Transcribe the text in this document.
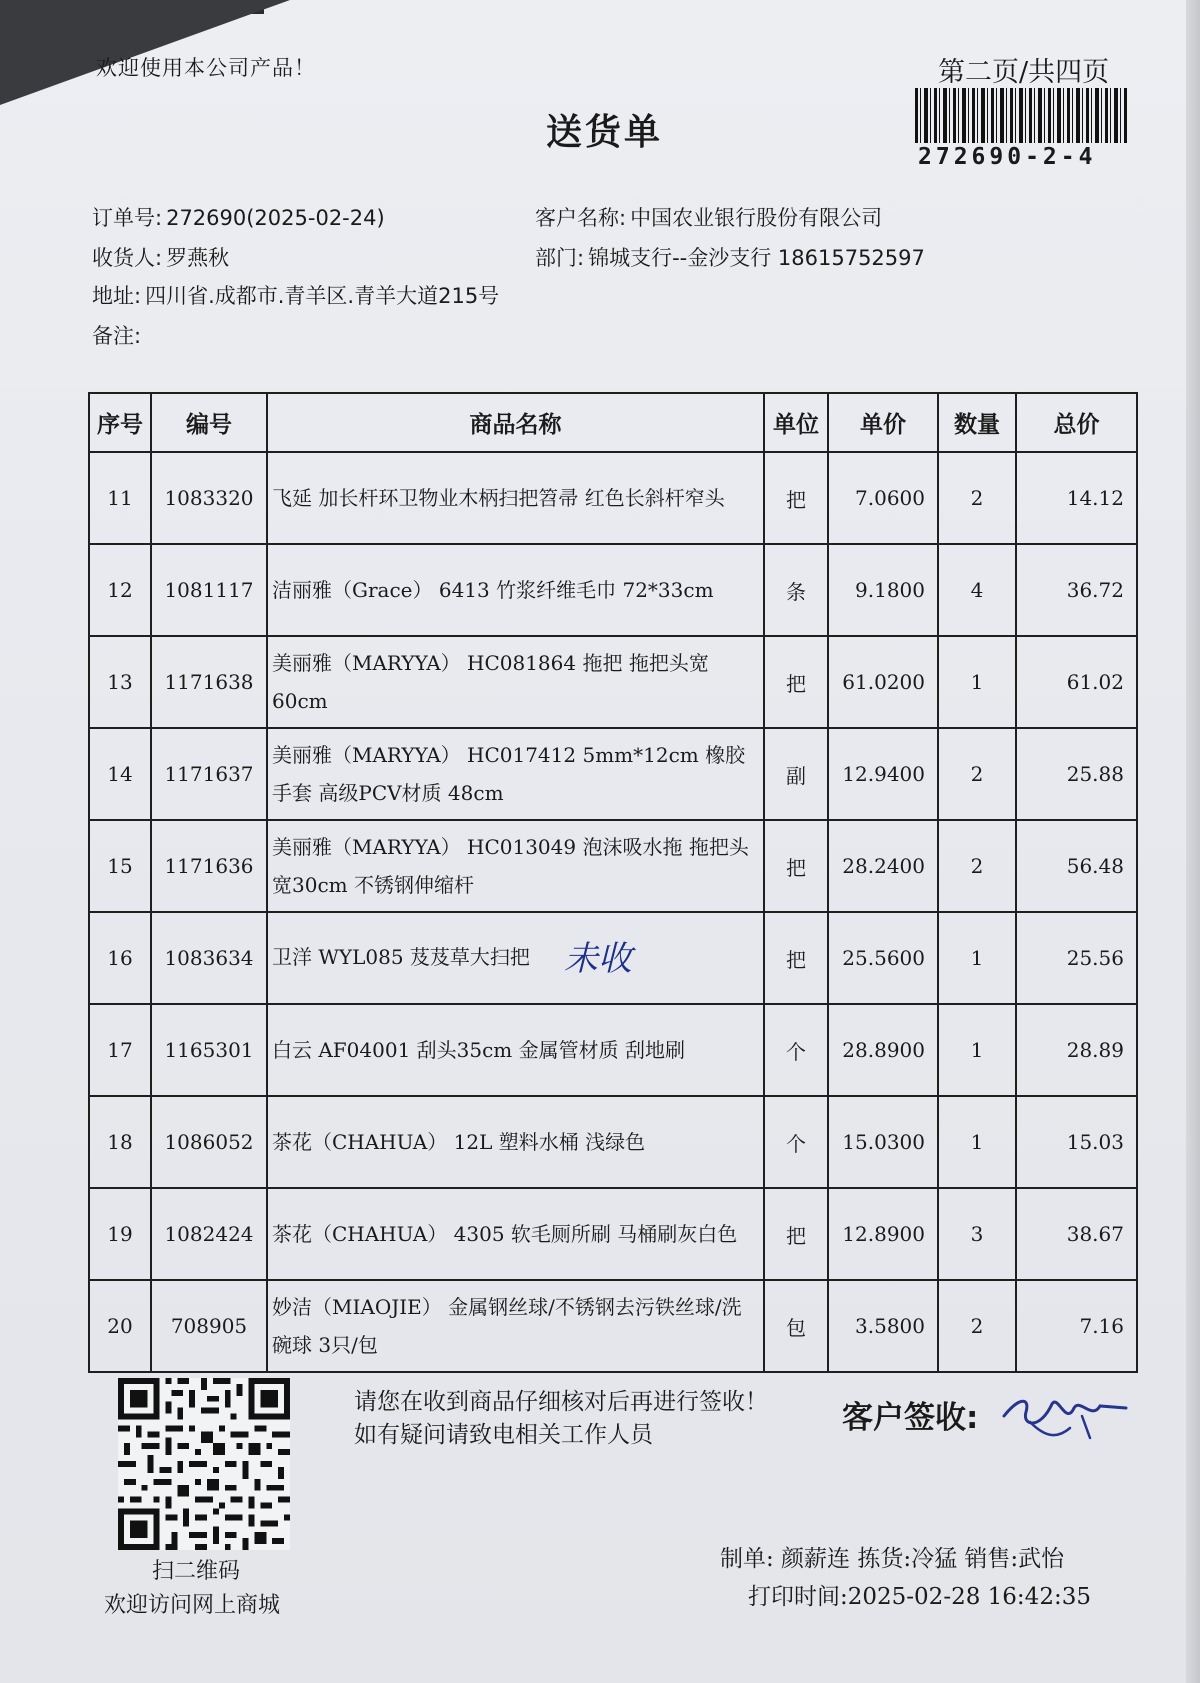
欢迎使用本公司产品！	第二页/共四页
272690-2-4
送货单
订单号: 272690(2025-02-24)	客户名称: 中国农业银行股份有限公司
收货人: 罗燕秋	部门: 锦城支行--金沙支行 18615752597
地址: 四川省.成都市.青羊区.青羊大道215号
备注:
序号	编号	商品名称	单位	单价	数量	总价
11	1083320	飞延 加长杆环卫物业木柄扫把笤帚 红色长斜杆窄头	把	7.0600	2	14.12
12	1081117	洁丽雅（Grace） 6413 竹浆纤维毛巾 72*33cm	条	9.1800	4	36.72
13	1171638	美丽雅（MARYYA） HC081864 拖把 拖把头宽60cm	把	61.0200	1	61.02
14	1171637	美丽雅（MARYYA） HC017412 5mm*12cm 橡胶手套 高级PCV材质 48cm	副	12.9400	2	25.88
15	1171636	美丽雅（MARYYA） HC013049 泡沫吸水拖 拖把头宽30cm 不锈钢伸缩杆	把	28.2400	2	56.48
16	1083634	卫洋 WYL085 芨芨草大扫把 未收	把	25.5600	1	25.56
17	1165301	白云 AF04001 刮头35cm 金属管材质 刮地刷	个	28.8900	1	28.89
18	1086052	茶花（CHAHUA） 12L 塑料水桶 浅绿色	个	15.0300	1	15.03
19	1082424	茶花（CHAHUA） 4305 软毛厕所刷 马桶刷灰白色	把	12.8900	3	38.67
20	708905	妙洁（MIAOJIE） 金属钢丝球/不锈钢去污铁丝球/洗碗球 3只/包	包	3.5800	2	7.16
扫二维码
欢迎访问网上商城
请您在收到商品仔细核对后再进行签收！如有疑问请致电相关工作人员	客户签收:
制单: 颜薪连 拣货:冷猛 销售:武怡
打印时间:2025-02-28 16:42:35
